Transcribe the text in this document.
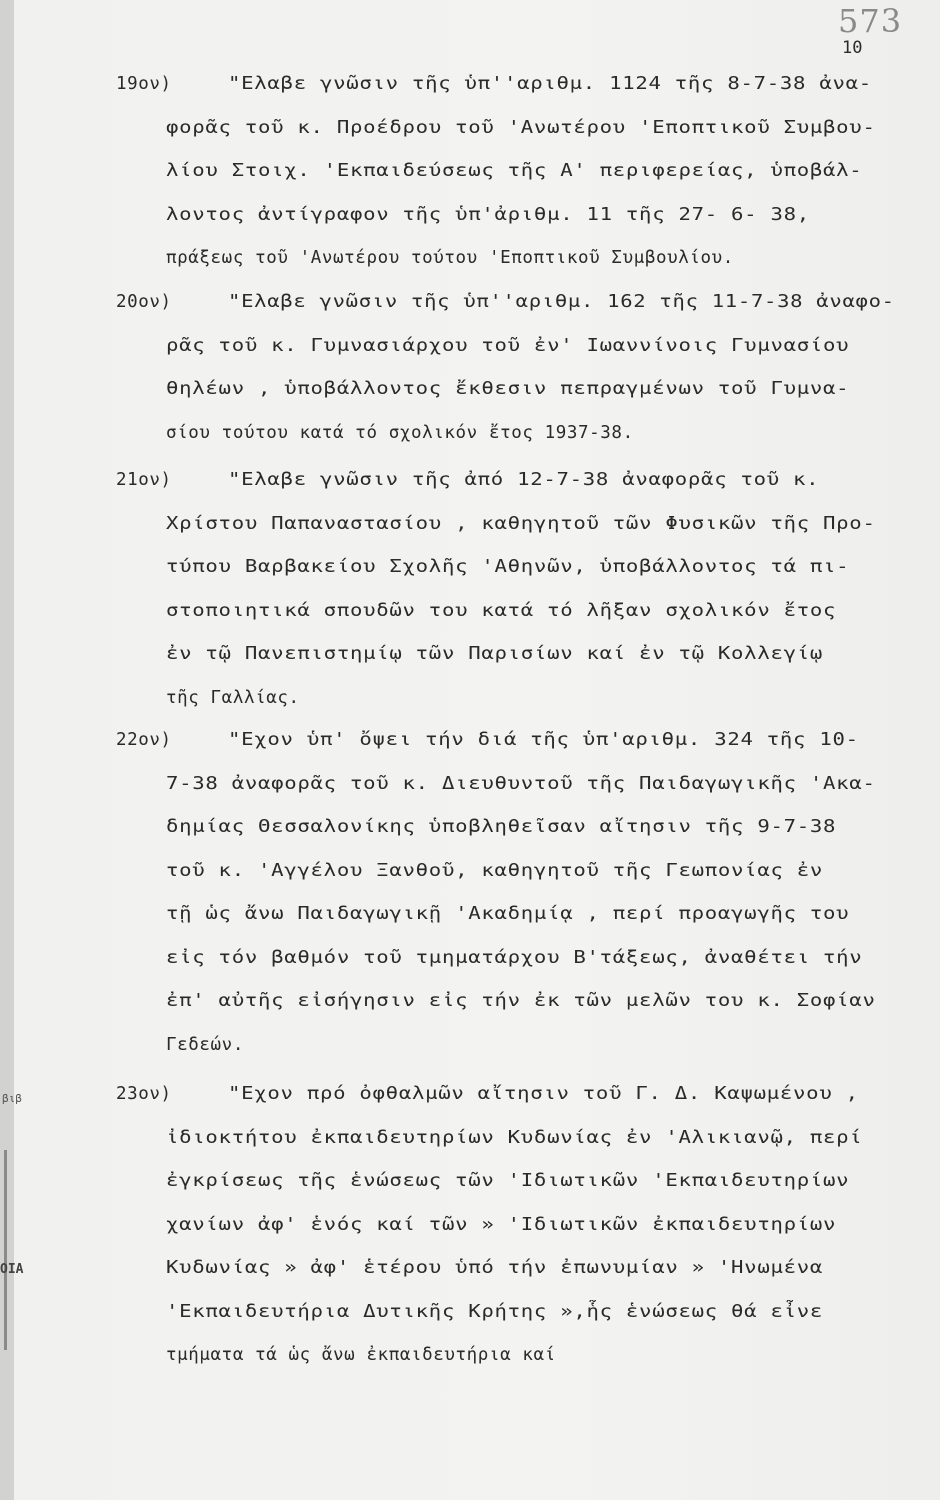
βιβ
ΟΙΑ
573
10
19ον)	"Ελαβε γνῶσιν τῆς ὑπ''αριθμ. 1124 τῆς 8-7-38 ἀνα-
φορᾶς τοῦ κ. Προέδρου τοῦ 'Ανωτέρου 'Εποπτικοῦ Συμβου-
λίου Στοιχ. 'Εκπαιδεύσεως τῆς Α' περιφερείας, ὑποβάλ-
λοντος ἀντίγραφον τῆς ὑπ'ἀριθμ. 11 τῆς 27- 6- 38,
πράξεως τοῦ 'Ανωτέρου τούτου 'Εποπτικοῦ Συμβουλίου.
20ον)	"Ελαβε γνῶσιν τῆς ὑπ''αριθμ. 162 τῆς 11-7-38 ἀναφο-
ρᾶς τοῦ κ. Γυμνασιάρχου τοῦ ἐν' Ιωαννίνοις Γυμνασίου
θηλέων , ὑποβάλλοντος ἔκθεσιν πεπραγμένων τοῦ Γυμνα-
σίου τούτου κατά τό σχολικόν ἔτος 1937-38.
21ον)	"Ελαβε γνῶσιν τῆς ἀπό 12-7-38 ἀναφορᾶς τοῦ κ.
Χρίστου Παπαναστασίου , καθηγητοῦ τῶν Φυσικῶν τῆς Προ-
τύπου Βαρβακείου Σχολῆς 'Αθηνῶν, ὑποβάλλοντος τά πι-
στοποιητικά σπουδῶν του κατά τό λῆξαν σχολικόν ἔτος
ἐν τῷ Πανεπιστημίῳ τῶν Παρισίων καί ἐν τῷ Κολλεγίῳ
τῆς Γαλλίας.
22ον)	"Εχον ὑπ' ὄψει τήν διά τῆς ὑπ'αριθμ. 324 τῆς 10-
7-38 ἀναφορᾶς τοῦ κ. Διευθυντοῦ τῆς Παιδαγωγικῆς 'Ακα-
δημίας Θεσσαλονίκης ὑποβληθεῖσαν αἴτησιν τῆς 9-7-38
τοῦ κ. 'Αγγέλου Ξανθοῦ, καθηγητοῦ τῆς Γεωπονίας ἐν
τῇ ὡς ἄνω Παιδαγωγικῇ 'Ακαδημίᾳ , περί προαγωγῆς του
εἰς τόν βαθμόν τοῦ τμηματάρχου Β'τάξεως, ἀναθέτει τήν
ἐπ' αὐτῆς εἰσήγησιν εἰς τήν ἐκ τῶν μελῶν του κ. Σοφίαν
Γεδεών.
23ον)	"Εχον πρό ὀφθαλμῶν αἴτησιν τοῦ Γ. Δ. Καψωμένου ,
ἰδιοκτήτου ἐκπαιδευτηρίων Κυδωνίας ἐν 'Αλικιανῷ, περί
ἐγκρίσεως τῆς ἑνώσεως τῶν 'Ιδιωτικῶν 'Εκπαιδευτηρίων
χανίων ἀφ' ἑνός καί τῶν » 'Ιδιωτικῶν ἐκπαιδευτηρίων
Κυδωνίας » ἀφ' ἑτέρου ὑπό τήν ἐπωνυμίαν » 'Ηνωμένα
'Εκπαιδευτήρια Δυτικῆς Κρήτης »,ἧς ἑνώσεως θά εἶνε
τμήματα τά ὡς ἄνω ἐκπαιδευτήρια καί
